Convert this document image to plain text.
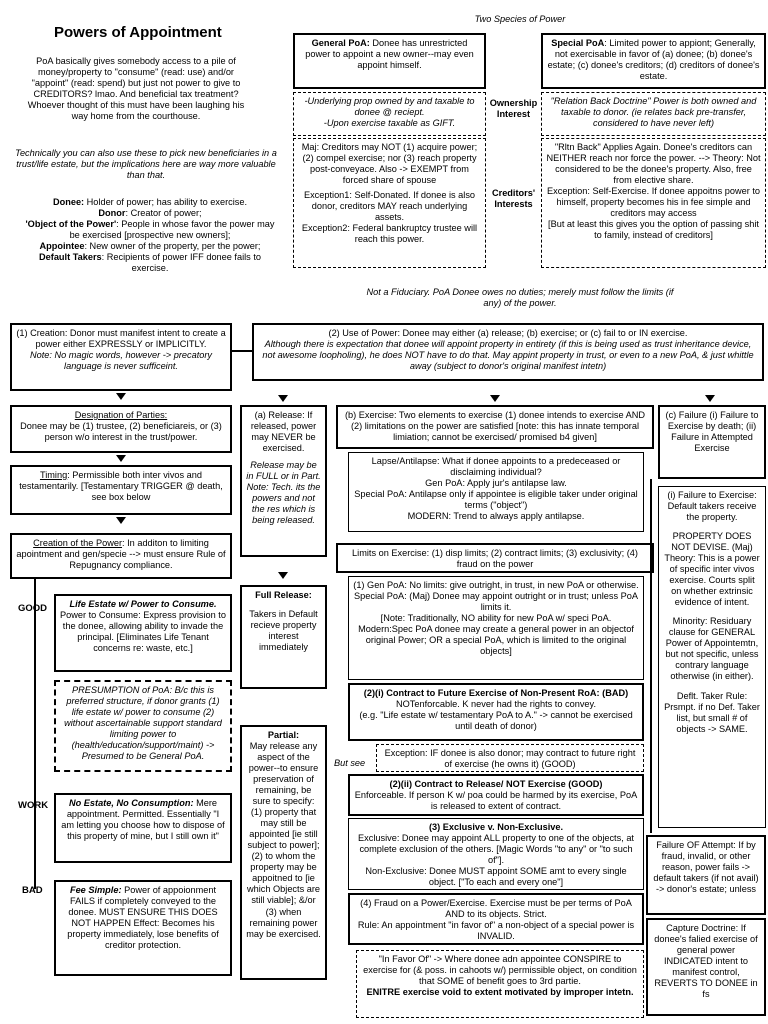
Powers of Appointment
PoA basically gives somebody access to a pile of money/property to "consume" (read: use) and/or "appoint" (read: spend) but just not power to give to CREDITORS? lmao. And beneficial tax treatment? Whoever thought of this must have been laughing his way home from the courthouse.
Technically you can also use these to pick new beneficiaries in a trust/life estate, but the implications here are way more valuable than that.

Donee: Holder of power; has ability to exercise.

Donor: Creator of power;

'Object of the Power': People in whose favor the power may be exercised [prospective new owners];

Appointee: New owner of the property, per the power;

Default Takers: Recipients of power IFF donee fails to exercise.

Two Species of Power
General PoA: Donee has unrestricted power to appoint a new owner--may even appoint himself.
Special PoA: Limited power to appiont; Generally, not exercisable in favor of (a) donee; (b) donee's estate; (c) donee's creditors; (d) creditors of donee's estate.

-Underlying prop owned by and taxable to donee @ reciept.

-Upon exercise taxable as GIFT.

Ownership Interest
"Relation Back Doctrine" Power is both owned and taxable to donor. (ie relates back pre-transfer, considered to have never left)

Maj: Creditors may NOT (1) acquire power; (2) compel exercise; nor (3) reach property post-conveyace. Also -> EXEMPT from forced share of spouse

Exception1: Self-Donated. If donee is also donor, creditors MAY reach underlying assets.

Exception2: Federal bankruptcy trustee will reach this power.

Creditors' Interests

"Rltn Back" Applies Again. Donee's creditors can NEITHER reach nor force the power. --> Theory: Not considered to be the donee's property. Also, free from elective share.

Exception: Self-Exercise. If donee appoitns power to himself, property becomes his in fee simple and creditors may access

[But at least this gives you the option of passing shit to family, instead of creditors]

Not a Fiduciary. PoA Donee owes no duties; merely must follow the limits (if any) of the power.

(1) Creation: Donor must manifest intent to create a power either EXPRESSLY or IMPLICITLY.

Note: No magic words, however -> precatory language is never sufficeint.

(2) Use of Power: Donee may either (a) release; (b) exercise; or (c) fail to or IN exercise.

Although there is expectation that donee will appoint property in entirety (if this is being used as trust inheritance device, not awesome loopholing), he does NOT have to do that. May appint property in trust, or even to a new PoA, & just whittle away (subject to donor's original manifest intetn)

Designation of Parties:

Donee may be (1) trustee, (2) beneficiareis, or (3) person w/o interest in the trust/power.

Timing: Permissible both inter vivos and testamentarily. [Testamentary TRIGGER @ death, see box below
Creation of the Power: In additon to limiting apointment and gen/specie --> must ensure Rule of Repugnancy compliance.
GOOD
WORK
BAD

Life Estate w/ Power to Consume.

Power to Consume: Express provision to the donee, allowing ability to invade the principal. [Eliminates Life Tenant concerns re: waste, etc.]

PRESUMPTION of PoA: B/c this is preferred structure, if donor grants (1) life estate w/ power to consume (2) without ascertainable support standard limiting power to (health/education/support/maint) -> Presumed to be General PoA.
No Estate, No Consumption: Mere appointment. Permitted. Essentially "I am letting you choose how to dispose of this property of mine, but I still own it"
Fee Simple: Power of appoionment FAILS if completely conveyed to the donee. MUST ENSURE THIS DOES NOT HAPPEN Effect: Becomes his property immediately, lose benefits of creditor protection.

(a) Release: If released, power may NEVER be exercised.

Release may be in FULL or in Part. Note: Tech. its the powers and not the res which is being released.

Full Release:

Takers in Default recieve property interest immediately

Partial:

May release any aspect of the power--to ensure preservation of remaining, be sure to specify: (1) property that may still be appointed [ie still subject to power]; (2) to whom the property may be appoitned to [ie which Objects are still viable]; &/or (3) when remaining power may be exercised.

(b) Exercise: Two elements to exercise (1) donee intends to exercise AND (2) limitations on the power are satisfied [note: this has innate temporal limiation; cannot be exercised/ promised b4 given]

Lapse/Antilapse: What if donee appoints to a predeceased or disclaiming individual?

Gen PoA: Apply jur's antilapse law.

Special PoA: Antilapse only if appointee is eligible taker under original terms ("object")

MODERN: Trend to always apply antilapse.

Limits on Exercise: (1) disp limits; (2) contract limits; (3) exclusivity; (4) fraud on the power

(1) Gen PoA: No limits: give outright, in trust, in new PoA or otherwise.

Special PoA: (Maj) Donee may appoint outright or in trust; unless PoA limits it.

[Note: Traditionally, NO ability for new PoA w/ speci PoA. Modern:Spec PoA donee may create a general power in an objectof original Power; OR a special PoA, which is limited to the original objects]

(2)(i) Contract to Future Exercise of Non-Present RoA: (BAD)

NOTenforcable. K never had the rights to convey.

(e.g. "Life estate w/ testamentary PoA to A." -> cannot be exercised until death of donor)

But see
Exception: IF donee is also donor; may contract to future right of exercise (he owns it) (GOOD)

(2)(ii) Contract to Release/ NOT Exercise (GOOD)

Enforceable. If person K w/ poa could be harmed by its exercise, PoA is released to extent of contract.

(3) Exclusive v. Non-Exclusive.

Exclusive: Donee may appoint ALL property to one of the objects, at complete exclusion of the others. [Magic Words "to any" or "to such of"].

Non-Exclusive: Donee MUST appoint SOME amt to every single object. ["To each and every one"]

(4) Fraud on a Power/Exercise. Exercise must be per terms of PoA AND to its objects. Strict.

Rule: An appointment "in favor of" a non-object of a special power is INVALID.

"In Favor Of" -> Where donee adn appointee CONSPIRE to exercise for (& poss. in cahoots w/) permissible object, on condition that SOME of benefit goes to 3rd partie.

ENITRE exercise void to extent motivated by improper intetn.

(c) Failure (i) Failure to Exercise by death; (ii) Failure in Attempted Exercise

(i) Failure to Exercise: Default takers receive the property.

PROPERTY DOES NOT DEVISE. (Maj) Theory: This is a power of specific inter vivos exercise. Courts split on whether extrinsic evidence of intent.

Minority: Residuary clause for GENERAL Power of Appointemtn, but not specific, unless contrary language otherwise (in either).

Deflt. Taker Rule: Prsmpt. if no Def. Taker list, but small # of objects -> SAME.

Failure OF Attempt: If by fraud, invalid, or other reason, power fails -> default takers (if not avail) -> donor's estate; unless
Capture Doctrine: If donee's falied exercise of general power INDICATED intent to manifest control, REVERTS TO DONEE in fs
